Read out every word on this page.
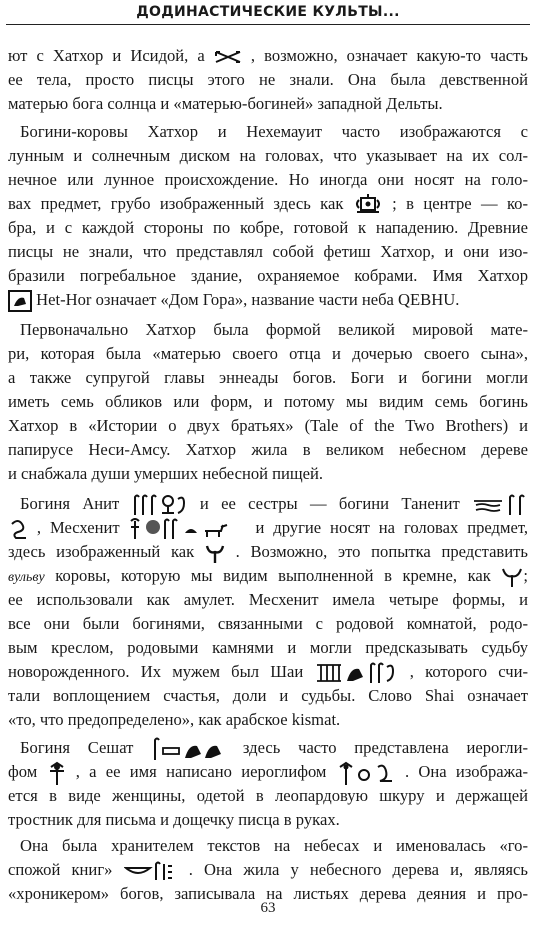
ДОДИНАСТИЧЕСКИЕ КУЛЬТЫ...
ют с Хатхор и Исидой, а	, возможно, означает какую-то часть
ее тела, просто писцы этого не знали. Она была девственной
матерью бога солнца и «матерью-богиней» западной Дельты.
Богини-коровы Хатхор и Нехемауит часто изображаются с
лунным и солнечным диском на головах, что указывает на их сол-
нечное или лунное происхождение. Но иногда они носят на голо-
вах предмет, грубо изображенный здесь как	; в центре — ко-
бра, и с каждой стороны по кобре, готовой к нападению. Древние
писцы не знали, что представлял собой фетиш Хатхор, и они изо-
бразили погребальное здание, охраняемое кобрами. Имя Хатхор
Het-Hor означает «Дом Гора», название части неба QEBHU.
Первоначально Хатхор была формой великой мировой мате-
ри, которая была «матерью своего отца и дочерью своего сына»,
а также супругой главы эннеады богов. Боги и богини могли
иметь семь обликов или форм, и потому мы видим семь богинь
Хатхор в «Истории о двух братьях» (Tale of the Two Brothers) и
папирусе Неси-Амсу. Хатхор жила в великом небесном дереве
и снабжала души умерших небесной пищей.
Богиня Анит	и ее сестры — богини Таненит
, Месхенит	и другие носят на головах предмет,
здесь изображенный как . Возможно, это попытка представить
вульву коровы, которую мы видим выполненной в кремне, как ;
ее использовали как амулет. Месхенит имела четыре формы, и
все они были богинями, связанными с родовой комнатой, родо-
вым креслом, родовыми камнями и могли предсказывать судьбу
новорожденного. Их мужем был Шаи	, которого счи-
тали воплощением счастья, доли и судьбы. Слово Shai означает
«то, что предопределено», как арабское kismat.
Богиня Сешат	здесь часто представлена иерогли-
фом , а ее имя написано иероглифом	. Она изобража-
ется в виде женщины, одетой в леопардовую шкуру и держащей
тростник для письма и дощечку писца в руках.
Она была хранителем текстов на небесах и именовалась «го-
спожой книг»	. Она жила у небесного дерева и, являясь
«хроникером» богов, записывала на листьях дерева деяния и про-
63
